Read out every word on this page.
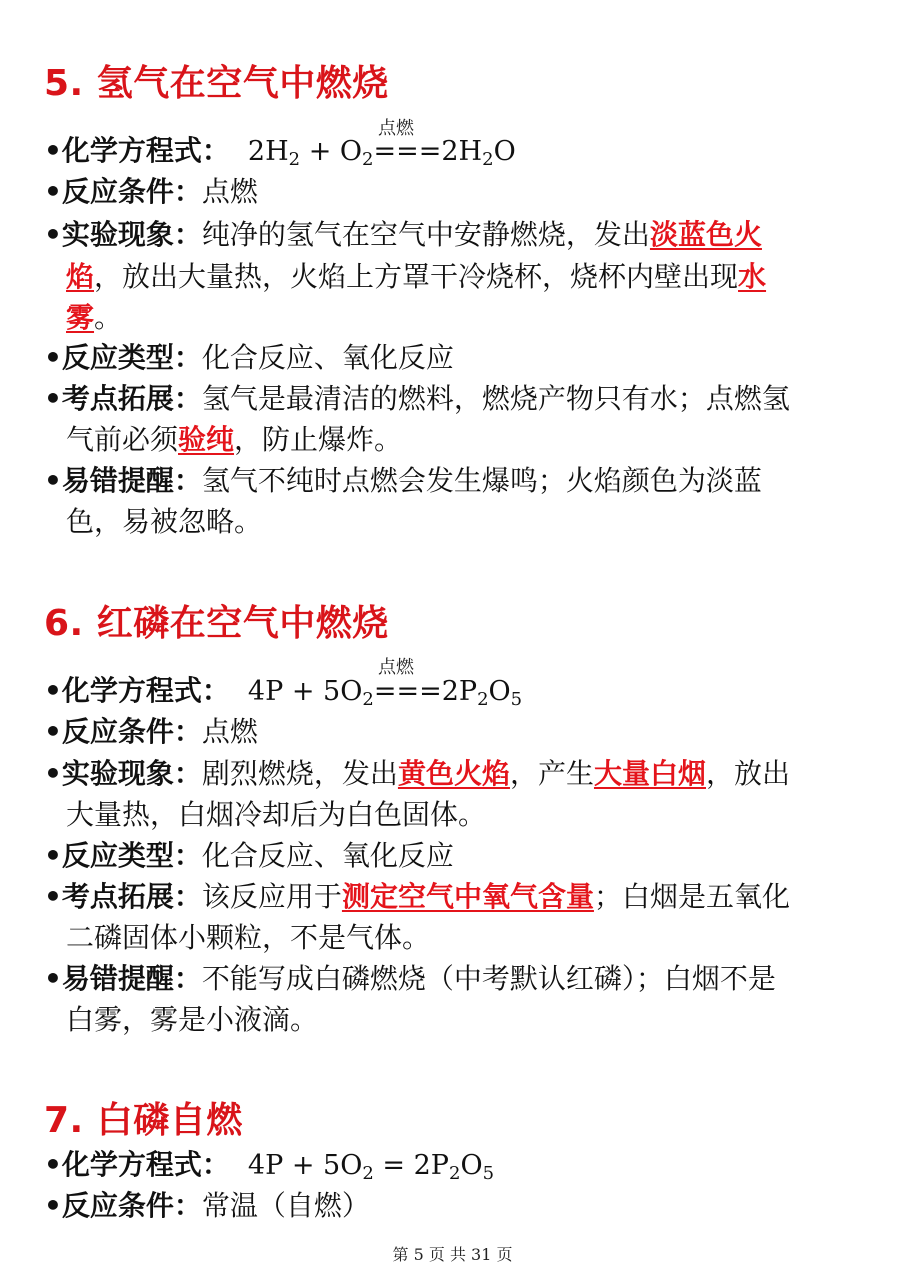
5. 氢气在空气中燃烧
点燃
•化学方程式： $2H_2 + O_2===2H_2O$
•反应条件：点燃
•实验现象：纯净的氢气在空气中安静燃烧，发出淡蓝色火
焰，放出大量热，火焰上方罩干冷烧杯，烧杯内壁出现水
雾。
•反应类型：化合反应、氧化反应
•考点拓展：氢气是最清洁的燃料，燃烧产物只有水；点燃氢
气前必须验纯，防止爆炸。
•易错提醒：氢气不纯时点燃会发生爆鸣；火焰颜色为淡蓝
色，易被忽略。
6. 红磷在空气中燃烧
点燃
•化学方程式： $4P + 5O_2===2P_2O_5$
•反应条件：点燃
•实验现象：剧烈燃烧，发出黄色火焰，产生大量白烟，放出
大量热，白烟冷却后为白色固体。
•反应类型：化合反应、氧化反应
•考点拓展：该反应用于测定空气中氧气含量；白烟是五氧化
二磷固体小颗粒，不是气体。
•易错提醒：不能写成白磷燃烧（中考默认红磷）；白烟不是
白雾，雾是小液滴。
7. 白磷自燃
•化学方程式： $4P + 5O_2 = 2P_2O_5$
•反应条件：常温（自燃）
第 5 页 共 31 页
